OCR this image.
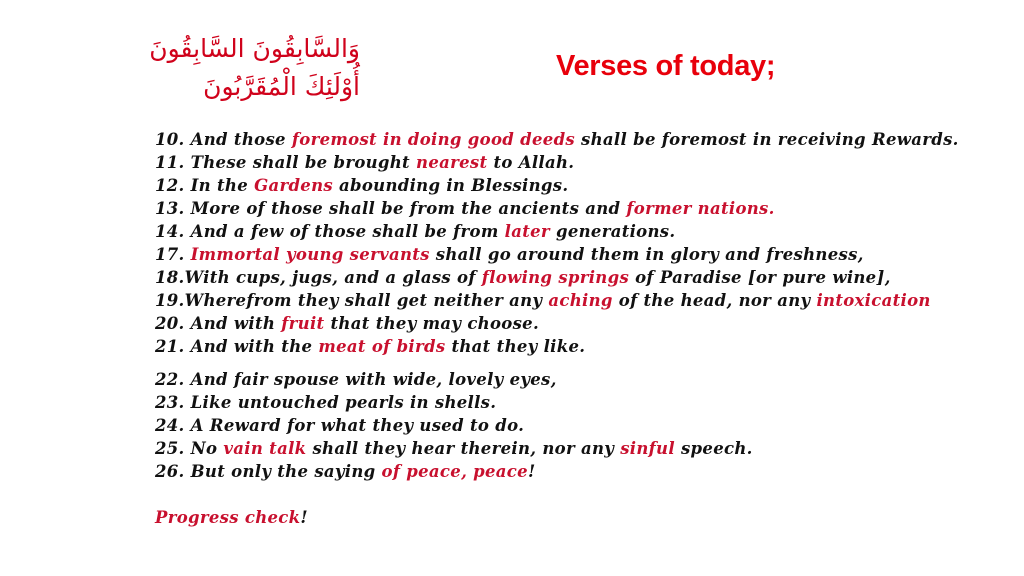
وَالسَّابِقُونَ السَّابِقُونَ
أُوْلَئِكَ الْمُقَرَّبُونَ
Verses of today;
10. And those foremost in doing good deeds shall be foremost in receiving Rewards.
11. These shall be brought nearest to Allah.
12. In the Gardens abounding in Blessings.
13. More of those shall be from the ancients and former nations.
14. And a few of those shall be from later generations.
17. Immortal young servants shall go around them in glory and freshness,
18.With cups, jugs, and a glass of flowing springs of Paradise [or pure wine],
19.Wherefrom they shall get neither any aching of the head, nor any intoxication
20. And with fruit that they may choose.
21. And with the meat of birds that they like.
22. And fair spouse with wide, lovely eyes,
23. Like untouched pearls in shells.
24. A Reward for what they used to do.
25. No vain talk shall they hear therein, nor any sinful speech.
26. But only the saying of peace, peace!
Progress check!
